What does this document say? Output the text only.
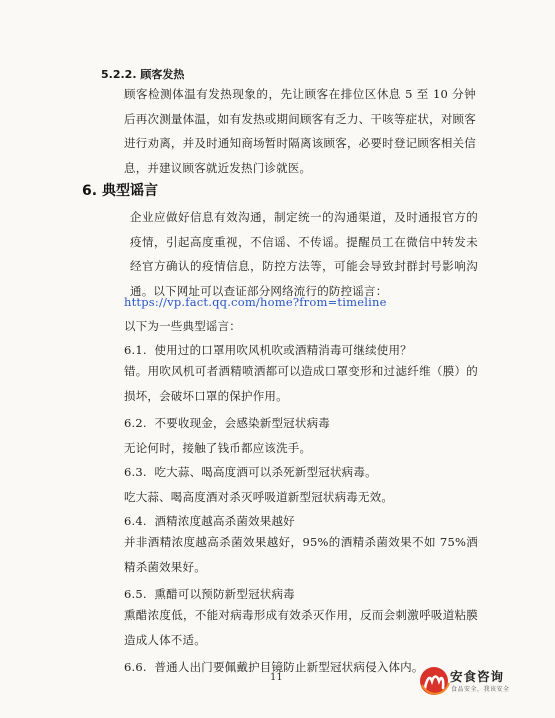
5.2.2. 顾客发热
顾客检测体温有发热现象的，先让顾客在排位区休息 5 至 10 分钟后再次测量体温，如有发热或期间顾客有乏力、干咳等症状，对顾客进行劝离，并及时通知商场暂时隔离该顾客，必要时登记顾客相关信息，并建议顾客就近发热门诊就医。
6. 典型谣言
企业应做好信息有效沟通，制定统一的沟通渠道，及时通报官方的疫情，引起高度重视，不信谣、不传谣。提醒员工在微信中转发未经官方确认的疫情信息，防控方法等，可能会导致封群封号影响沟通。以下网址可以查证部分网络流行的防控谣言：
https://vp.fact.qq.com/home?from=timeline
以下为一些典型谣言：
6.1. 使用过的口罩用吹风机吹或酒精消毒可继续使用？
错。用吹风机可者酒精喷洒都可以造成口罩变形和过滤纤维（膜）的损坏，会破坏口罩的保护作用。
6.2. 不要收现金，会感染新型冠状病毒
无论何时，接触了钱币都应该洗手。
6.3. 吃大蒜、喝高度酒可以杀死新型冠状病毒。
吃大蒜、喝高度酒对杀灭呼吸道新型冠状病毒无效。
6.4. 酒精浓度越高杀菌效果越好
并非酒精浓度越高杀菌效果越好，95%的酒精杀菌效果不如 75%酒精杀菌效果好。
6.5. 熏醋可以预防新型冠状病毒
熏醋浓度低，不能对病毒形成有效杀灭作用，反而会刺激呼吸道粘膜造成人体不适。
6.6. 普通人出门要佩戴护目镜防止新型冠状病侵入体内。
11	安食咨询
食品安全，我该安全
